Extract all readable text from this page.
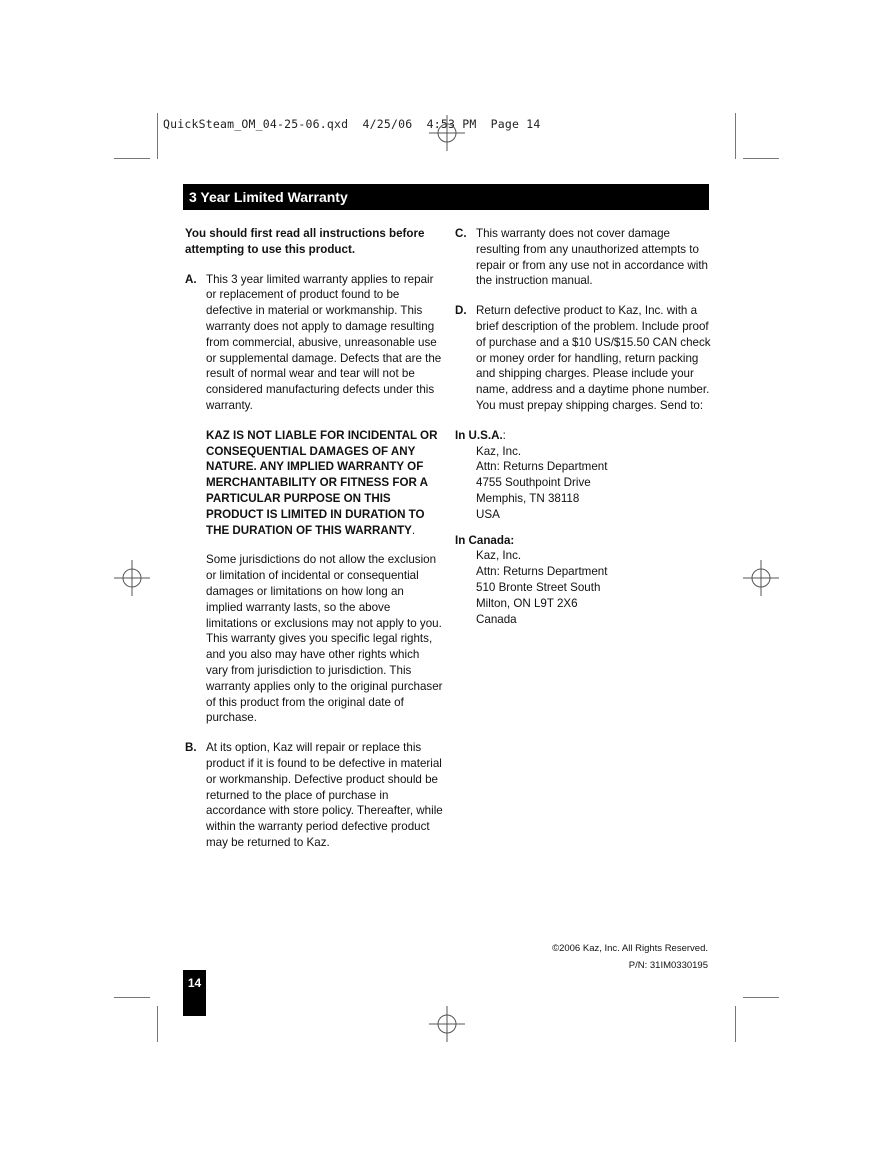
QuickSteam_OM_04-25-06.qxd  4/25/06  4:53 PM  Page 14
3 Year Limited Warranty

You should first read all instructions before attempting to use this product.

A. This 3 year limited warranty applies to repair or replacement of product found to be defective in material or workmanship. This warranty does not apply to damage resulting from commercial, abusive, unreasonable use or supplemental damage. Defects that are the result of normal wear and tear will not be considered manufacturing defects under this warranty.

KAZ IS NOT LIABLE FOR INCIDENTAL OR CONSEQUENTIAL DAMAGES OF ANY NATURE. ANY IMPLIED WARRANTY OF MERCHANTABILITY OR FITNESS FOR A PARTICULAR PURPOSE ON THIS PRODUCT IS LIMITED IN DURATION TO THE DURATION OF THIS WARRANTY.

Some jurisdictions do not allow the exclusion or limitation of incidental or consequential damages or limitations on how long an implied warranty lasts, so the above limitations or exclusions may not apply to you. This warranty gives you specific legal rights, and you also may have other rights which vary from jurisdiction to jurisdiction. This warranty applies only to the original purchaser of this product from the original date of purchase.

B. At its option, Kaz will repair or replace this product if it is found to be defective in material or workmanship. Defective product should be returned to the place of purchase in accordance with store policy. Thereafter, while within the warranty period defective product may be returned to Kaz.

C. This warranty does not cover damage resulting from any unauthorized attempts to repair or from any use not in accordance with the instruction manual.

D. Return defective product to Kaz, Inc. with a brief description of the problem. Include proof of purchase and a $10 US/$15.50 CAN check or money order for handling, return packing and shipping charges. Please include your name, address and a daytime phone number. You must prepay shipping charges. Send to:

In U.S.A.:

Kaz, Inc.
Attn: Returns Department
4755 Southpoint Drive
Memphis, TN 38118
USA

In Canada:

Kaz, Inc.
Attn: Returns Department
510 Bronte Street South
Milton, ON L9T 2X6
Canada
©2006 Kaz, Inc. All Rights Reserved.
P/N: 31IM0330195
14
